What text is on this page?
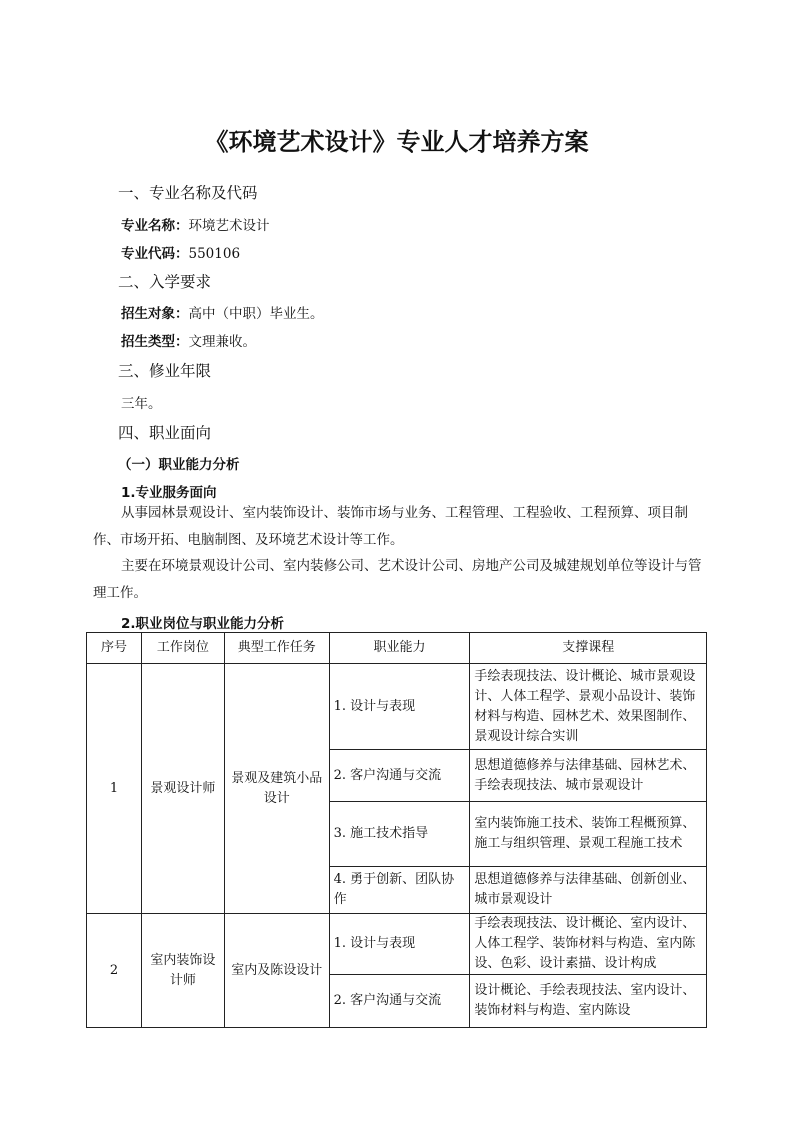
《环境艺术设计》专业人才培养方案
一、专业名称及代码
专业名称：环境艺术设计
专业代码：550106
二、入学要求
招生对象：高中（中职）毕业生。
招生类型：文理兼收。
三、修业年限
三年。
四、职业面向
（一）职业能力分析
1.专业服务面向
从事园林景观设计、室内装饰设计、装饰市场与业务、工程管理、工程验收、工程预算、项目制作、市场开拓、电脑制图、及环境艺术设计等工作。
主要在环境景观设计公司、室内装修公司、艺术设计公司、房地产公司及城建规划单位等设计与管理工作。
2.职业岗位与职业能力分析
序号	工作岗位	典型工作任务	职业能力	支撑课程
1	景观设计师	景观及建筑小品设计	1. 设计与表现	手绘表现技法、设计概论、城市景观设计、人体工程学、景观小品设计、装饰材料与构造、园林艺术、效果图制作、景观设计综合实训
			2. 客户沟通与交流	思想道德修养与法律基础、园林艺术、手绘表现技法、城市景观设计
			3. 施工技术指导	室内装饰施工技术、装饰工程概预算、施工与组织管理、景观工程施工技术
			4. 勇于创新、团队协作	思想道德修养与法律基础、创新创业、城市景观设计
2	室内装饰设计师	室内及陈设设计	1. 设计与表现	手绘表现技法、设计概论、室内设计、人体工程学、装饰材料与构造、室内陈设、色彩、设计素描、设计构成
			2. 客户沟通与交流	设计概论、手绘表现技法、室内设计、装饰材料与构造、室内陈设
